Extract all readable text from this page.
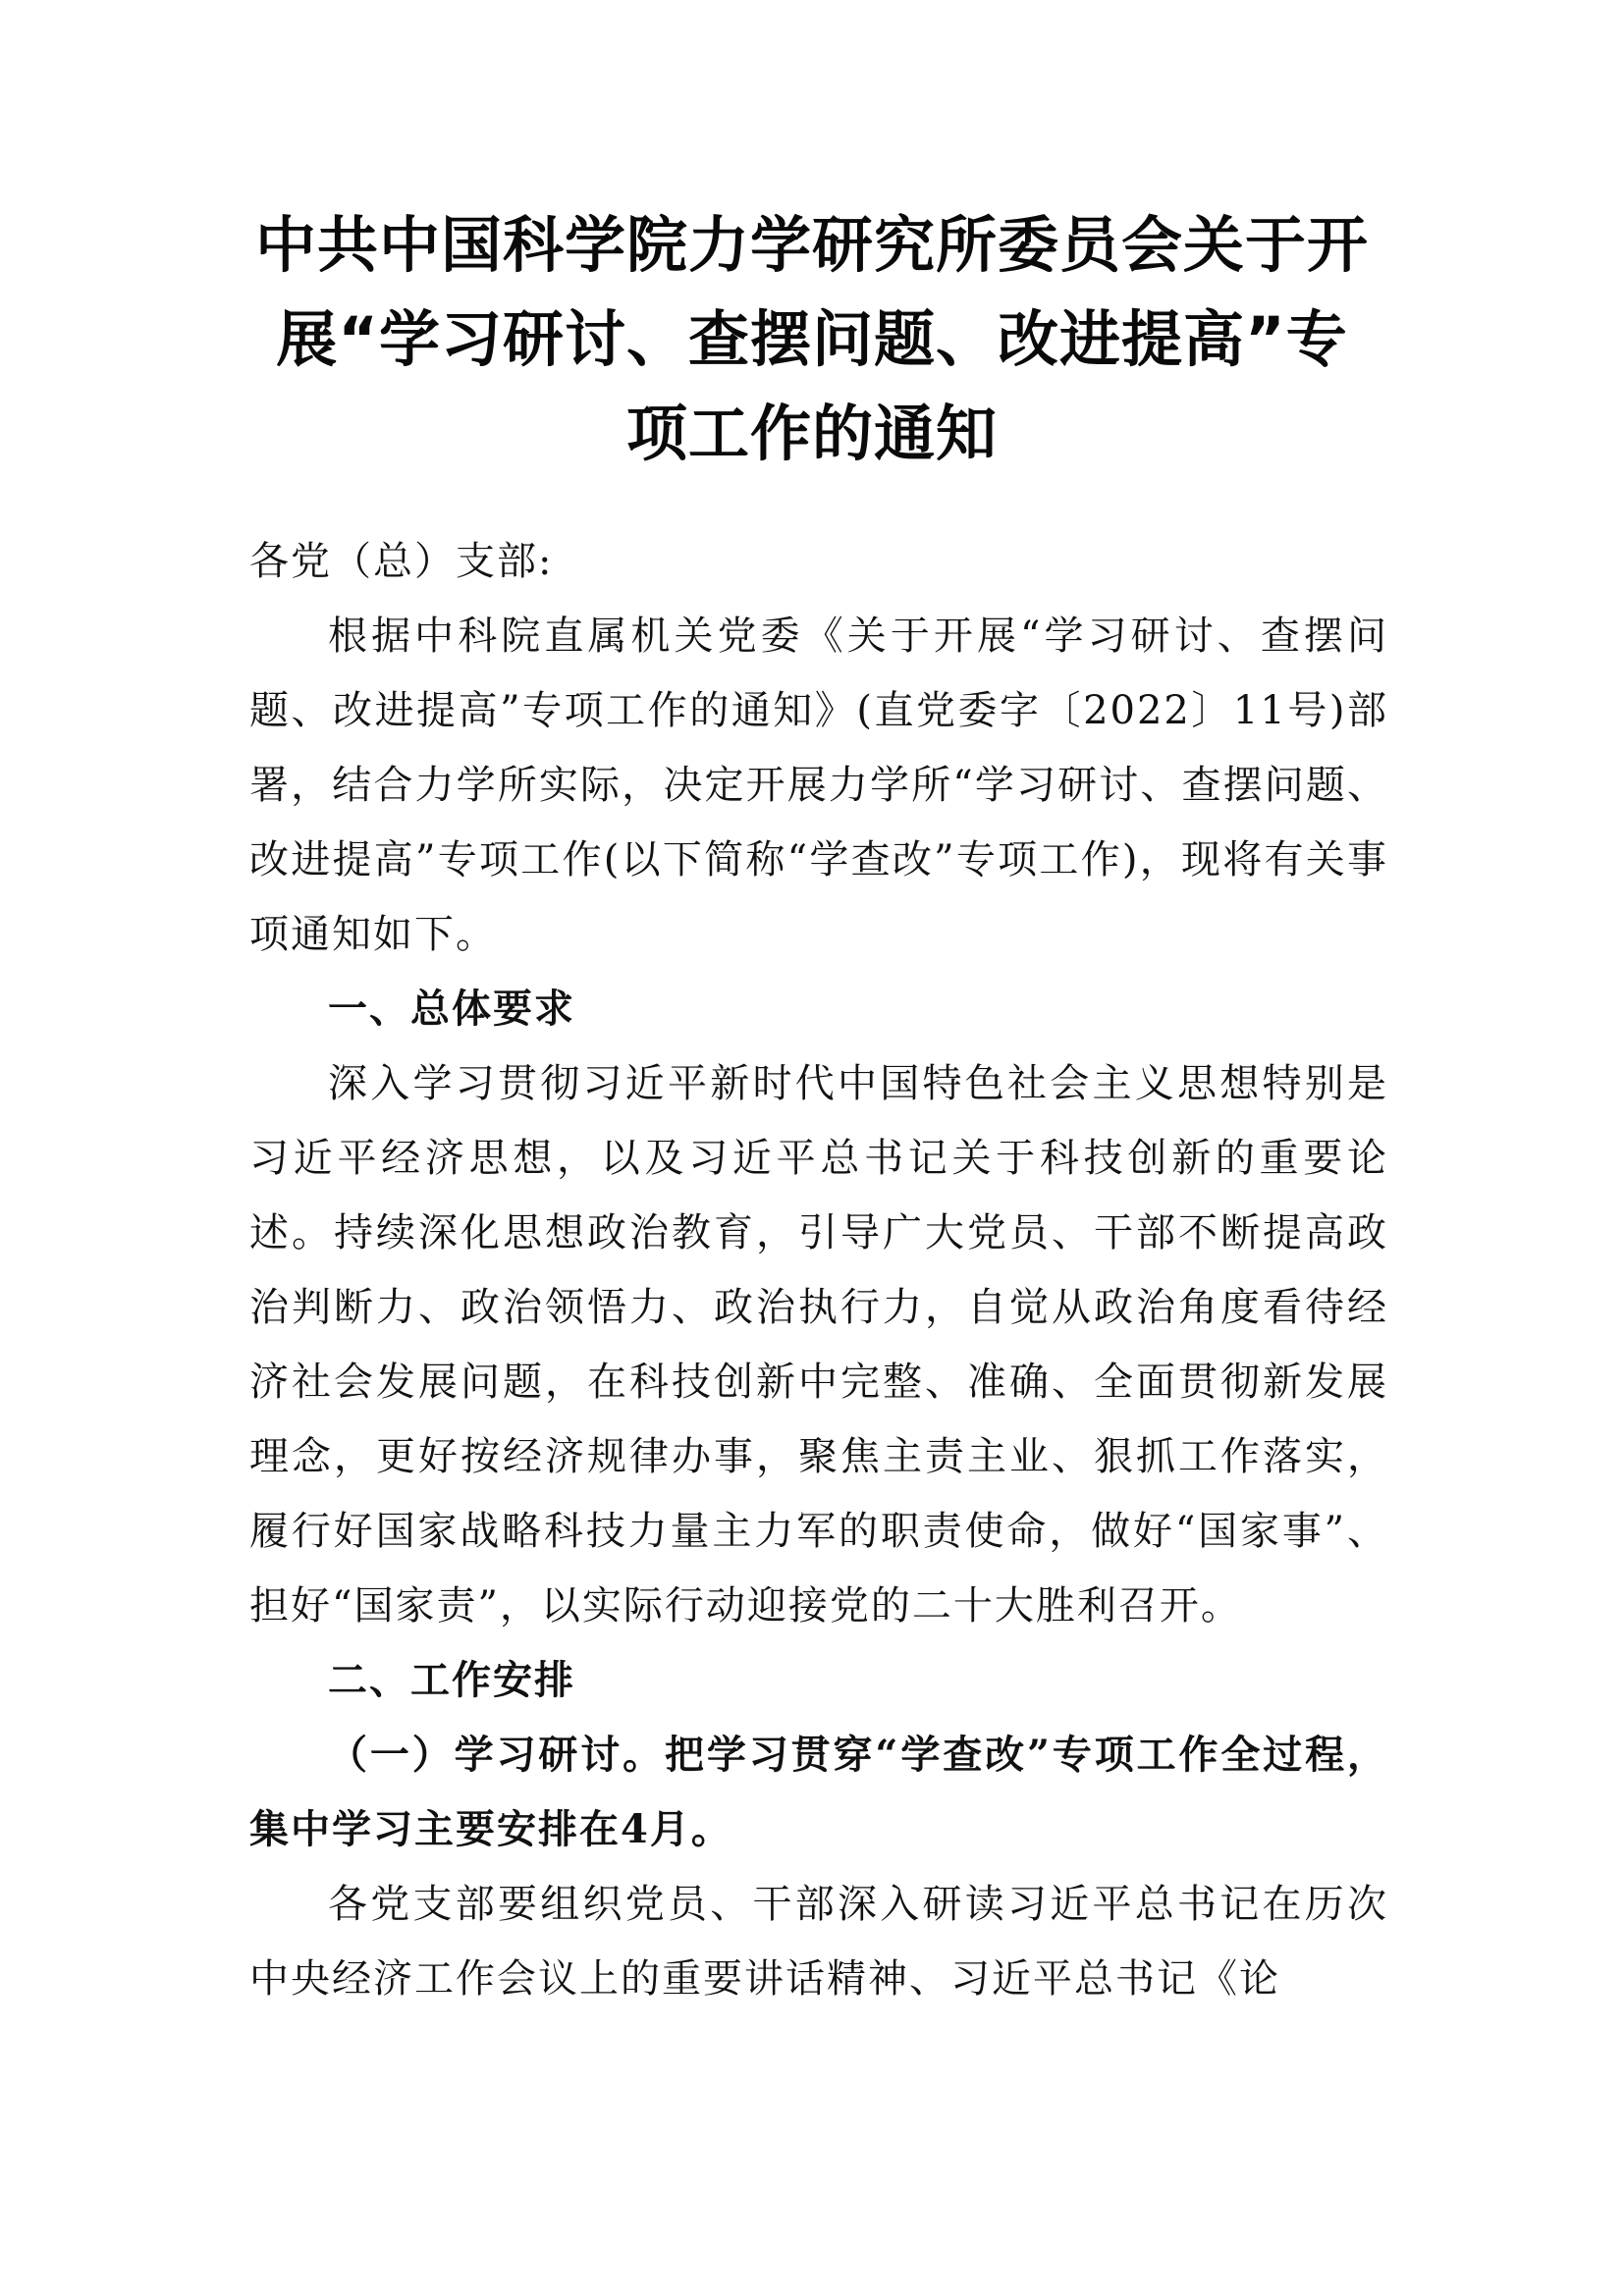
中共中国科学院力学研究所委员会关于开
展“学习研讨、查摆问题、改进提高”专
项工作的通知

各党（总）支部:

根据中科院直属机关党委《关于开展“学习研讨、查摆问题、改进提高”专项工作的通知》(直党委字〔2022〕11号)部署，结合力学所实际，决定开展力学所“学习研讨、查摆问题、改进提高”专项工作(以下简称“学查改”专项工作)，现将有关事项通知如下。

一、总体要求

深入学习贯彻习近平新时代中国特色社会主义思想特别是习近平经济思想，以及习近平总书记关于科技创新的重要论述。持续深化思想政治教育，引导广大党员、干部不断提高政治判断力、政治领悟力、政治执行力，自觉从政治角度看待经济社会发展问题，在科技创新中完整、准确、全面贯彻新发展理念，更好按经济规律办事，聚焦主责主业、狠抓工作落实，履行好国家战略科技力量主力军的职责使命，做好“国家事”、担好“国家责”，以实际行动迎接党的二十大胜利召开。

二、工作安排

（一）学习研讨。把学习贯穿“学查改”专项工作全过程，集中学习主要安排在4月。

各党支部要组织党员、干部深入研读习近平总书记在历次中央经济工作会议上的重要讲话精神、习近平总书记《论
